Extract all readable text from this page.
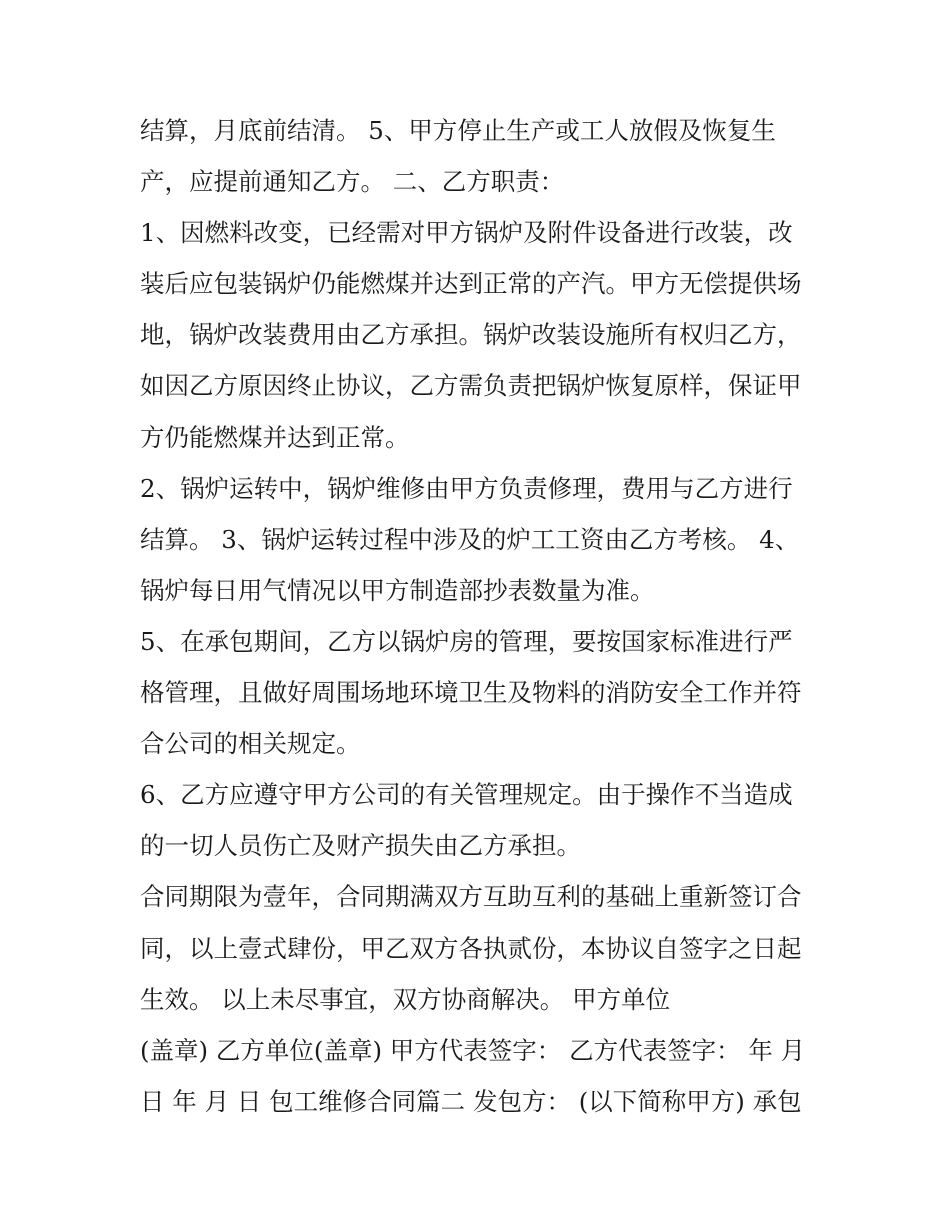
结算，月底前结清。 5、甲方停止生产或工人放假及恢复生
产，应提前通知乙方。 二、乙方职责：
1、因燃料改变，已经需对甲方锅炉及附件设备进行改装，改
装后应包装锅炉仍能燃煤并达到正常的产汽。甲方无偿提供场
地，锅炉改装费用由乙方承担。锅炉改装设施所有权归乙方，
如因乙方原因终止协议，乙方需负责把锅炉恢复原样，保证甲
方仍能燃煤并达到正常。
2、锅炉运转中，锅炉维修由甲方负责修理，费用与乙方进行
结算。 3、锅炉运转过程中涉及的炉工工资由乙方考核。 4、
锅炉每日用气情况以甲方制造部抄表数量为准。
5、在承包期间，乙方以锅炉房的管理，要按国家标准进行严
格管理，且做好周围场地环境卫生及物料的消防安全工作并符
合公司的相关规定。
6、乙方应遵守甲方公司的有关管理规定。由于操作不当造成
的一切人员伤亡及财产损失由乙方承担。
合同期限为壹年，合同期满双方互助互利的基础上重新签订合
同，以上壹式肆份，甲乙双方各执贰份，本协议自签字之日起
生效。 以上未尽事宜，双方协商解决。 甲方单位
(盖章) 乙方单位(盖章) 甲方代表签字： 乙方代表签字： 年 月
日 年 月 日 包工维修合同篇二 发包方： (以下简称甲方) 承包
